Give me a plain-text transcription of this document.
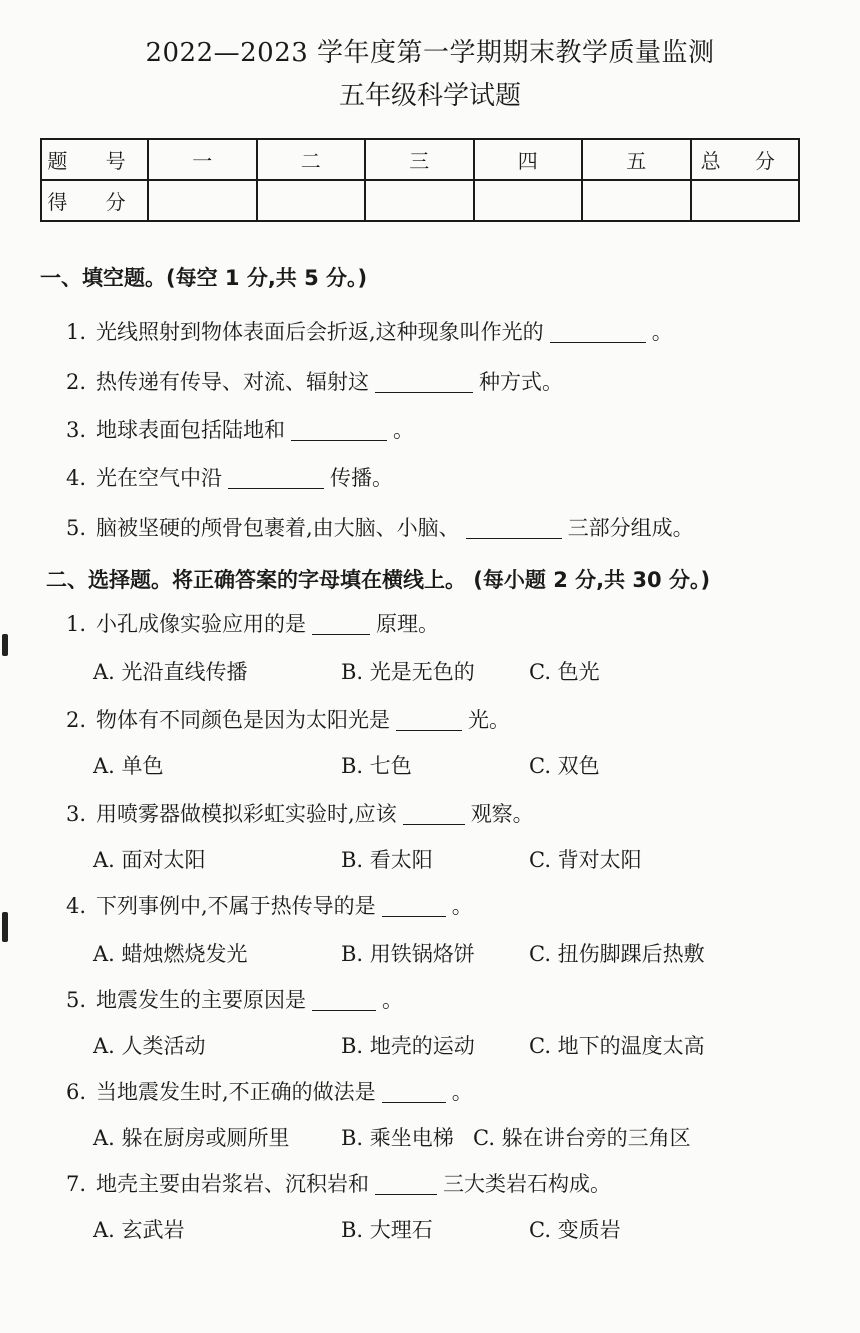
2022—2023 学年度第一学期期末教学质量监测
五年级科学试题
题 号	一	二	三	四	五	总 分
得 分						
一、填空题。(每空 1 分,共 5 分。)
1. 光线照射到物体表面后会折返,这种现象叫作光的	。
2. 热传递有传导、对流、辐射这	种方式。
3. 地球表面包括陆地和	。
4. 光在空气中沿	传播。
5. 脑被坚硬的颅骨包裹着,由大脑、小脑、	三部分组成。
二、选择题。将正确答案的字母填在横线上。 (每小题 2 分,共 30 分。)
1. 小孔成像实验应用的是	原理。
A. 光沿直线传播	B. 光是无色的	C. 色光
2. 物体有不同颜色是因为太阳光是	光。
A. 单色	B. 七色	C. 双色
3. 用喷雾器做模拟彩虹实验时,应该	观察。
A. 面对太阳	B. 看太阳	C. 背对太阳
4. 下列事例中,不属于热传导的是	。
A. 蜡烛燃烧发光	B. 用铁锅烙饼	C. 扭伤脚踝后热敷
5. 地震发生的主要原因是	。
A. 人类活动	B. 地壳的运动	C. 地下的温度太高
6. 当地震发生时,不正确的做法是	。
A. 躲在厨房或厕所里 B. 乘坐电梯 C. 躲在讲台旁的三角区
7. 地壳主要由岩浆岩、沉积岩和	三大类岩石构成。
A. 玄武岩	B. 大理石	C. 变质岩
